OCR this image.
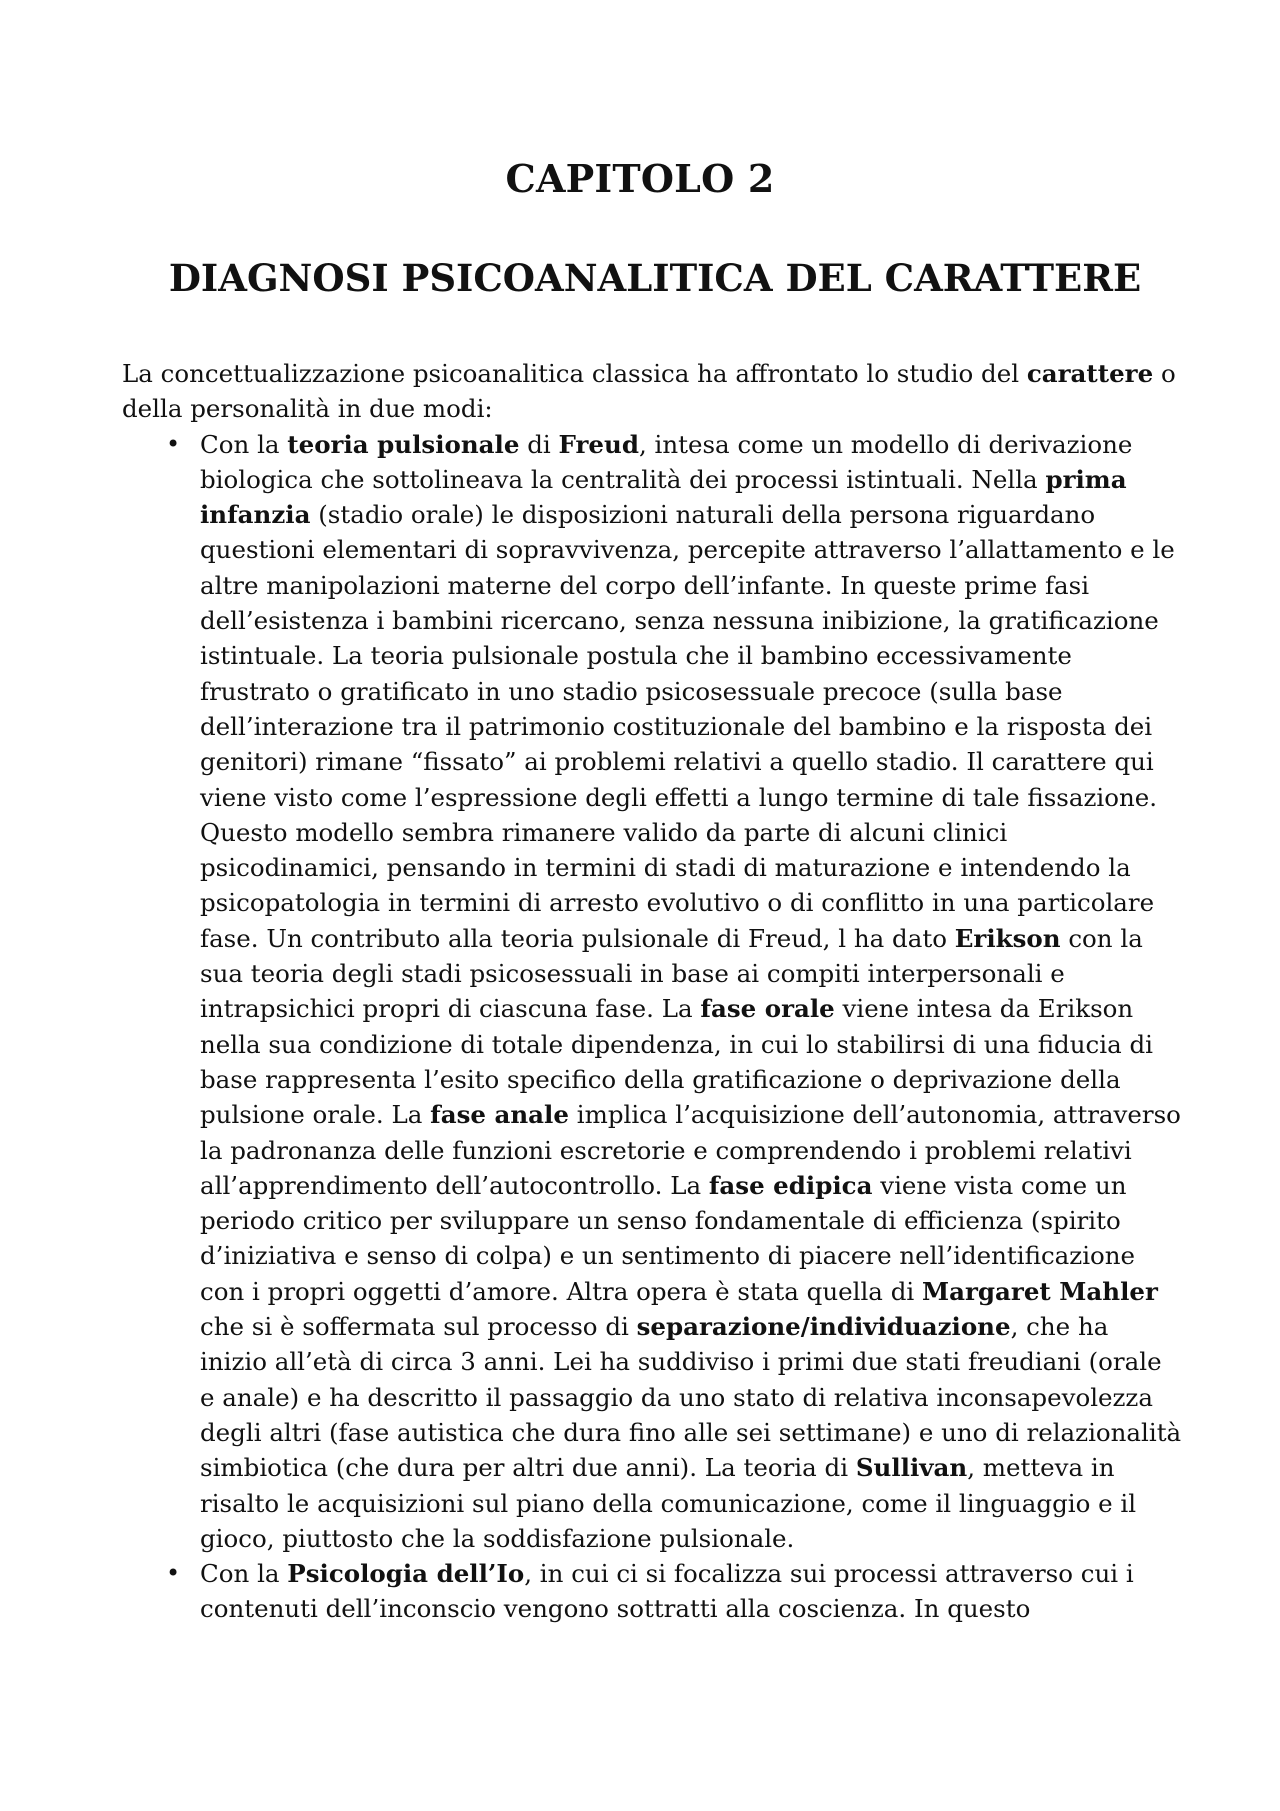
CAPITOLO 2
DIAGNOSI PSICOANALITICA DEL CARATTERE

La concettualizzazione psicoanalitica classica ha affrontato lo studio del carattere o della personalità in due modi:

• Con la teoria pulsionale di Freud, intesa come un modello di derivazione biologica che sottolineava la centralità dei processi istintuali. Nella prima infanzia (stadio orale) le disposizioni naturali della persona riguardano questioni elementari di sopravvivenza, percepite attraverso l’allattamento e le altre manipolazioni materne del corpo dell’infante. In queste prime fasi dell’esistenza i bambini ricercano, senza nessuna inibizione, la gratificazione istintuale. La teoria pulsionale postula che il bambino eccessivamente frustrato o gratificato in uno stadio psicosessuale precoce (sulla base dell’interazione tra il patrimonio costituzionale del bambino e la risposta dei genitori) rimane “fissato” ai problemi relativi a quello stadio. Il carattere qui viene visto come l’espressione degli effetti a lungo termine di tale fissazione. Questo modello sembra rimanere valido da parte di alcuni clinici psicodinamici, pensando in termini di stadi di maturazione e intendendo la psicopatologia in termini di arresto evolutivo o di conflitto in una particolare fase. Un contributo alla teoria pulsionale di Freud, l ha dato Erikson con la sua teoria degli stadi psicosessuali in base ai compiti interpersonali e intrapsichici propri di ciascuna fase. La fase orale viene intesa da Erikson nella sua condizione di totale dipendenza, in cui lo stabilirsi di una fiducia di base rappresenta l’esito specifico della gratificazione o deprivazione della pulsione orale. La fase anale implica l’acquisizione dell’autonomia, attraverso la padronanza delle funzioni escretorie e comprendendo i problemi relativi all’apprendimento dell’autocontrollo. La fase edipica viene vista come un periodo critico per sviluppare un senso fondamentale di efficienza (spirito d’iniziativa e senso di colpa) e un sentimento di piacere nell’identificazione con i propri oggetti d’amore. Altra opera è stata quella di Margaret Mahler che si è soffermata sul processo di separazione/individuazione, che ha inizio all’età di circa 3 anni. Lei ha suddiviso i primi due stati freudiani (orale e anale) e ha descritto il passaggio da uno stato di relativa inconsapevolezza degli altri (fase autistica che dura fino alle sei settimane) e uno di relazionalità simbiotica (che dura per altri due anni). La teoria di Sullivan, metteva in risalto le acquisizioni sul piano della comunicazione, come il linguaggio e il gioco, piuttosto che la soddisfazione pulsionale.
• Con la Psicologia dell’Io, in cui ci si focalizza sui processi attraverso cui i contenuti dell’inconscio vengono sottratti alla coscienza. In questo
